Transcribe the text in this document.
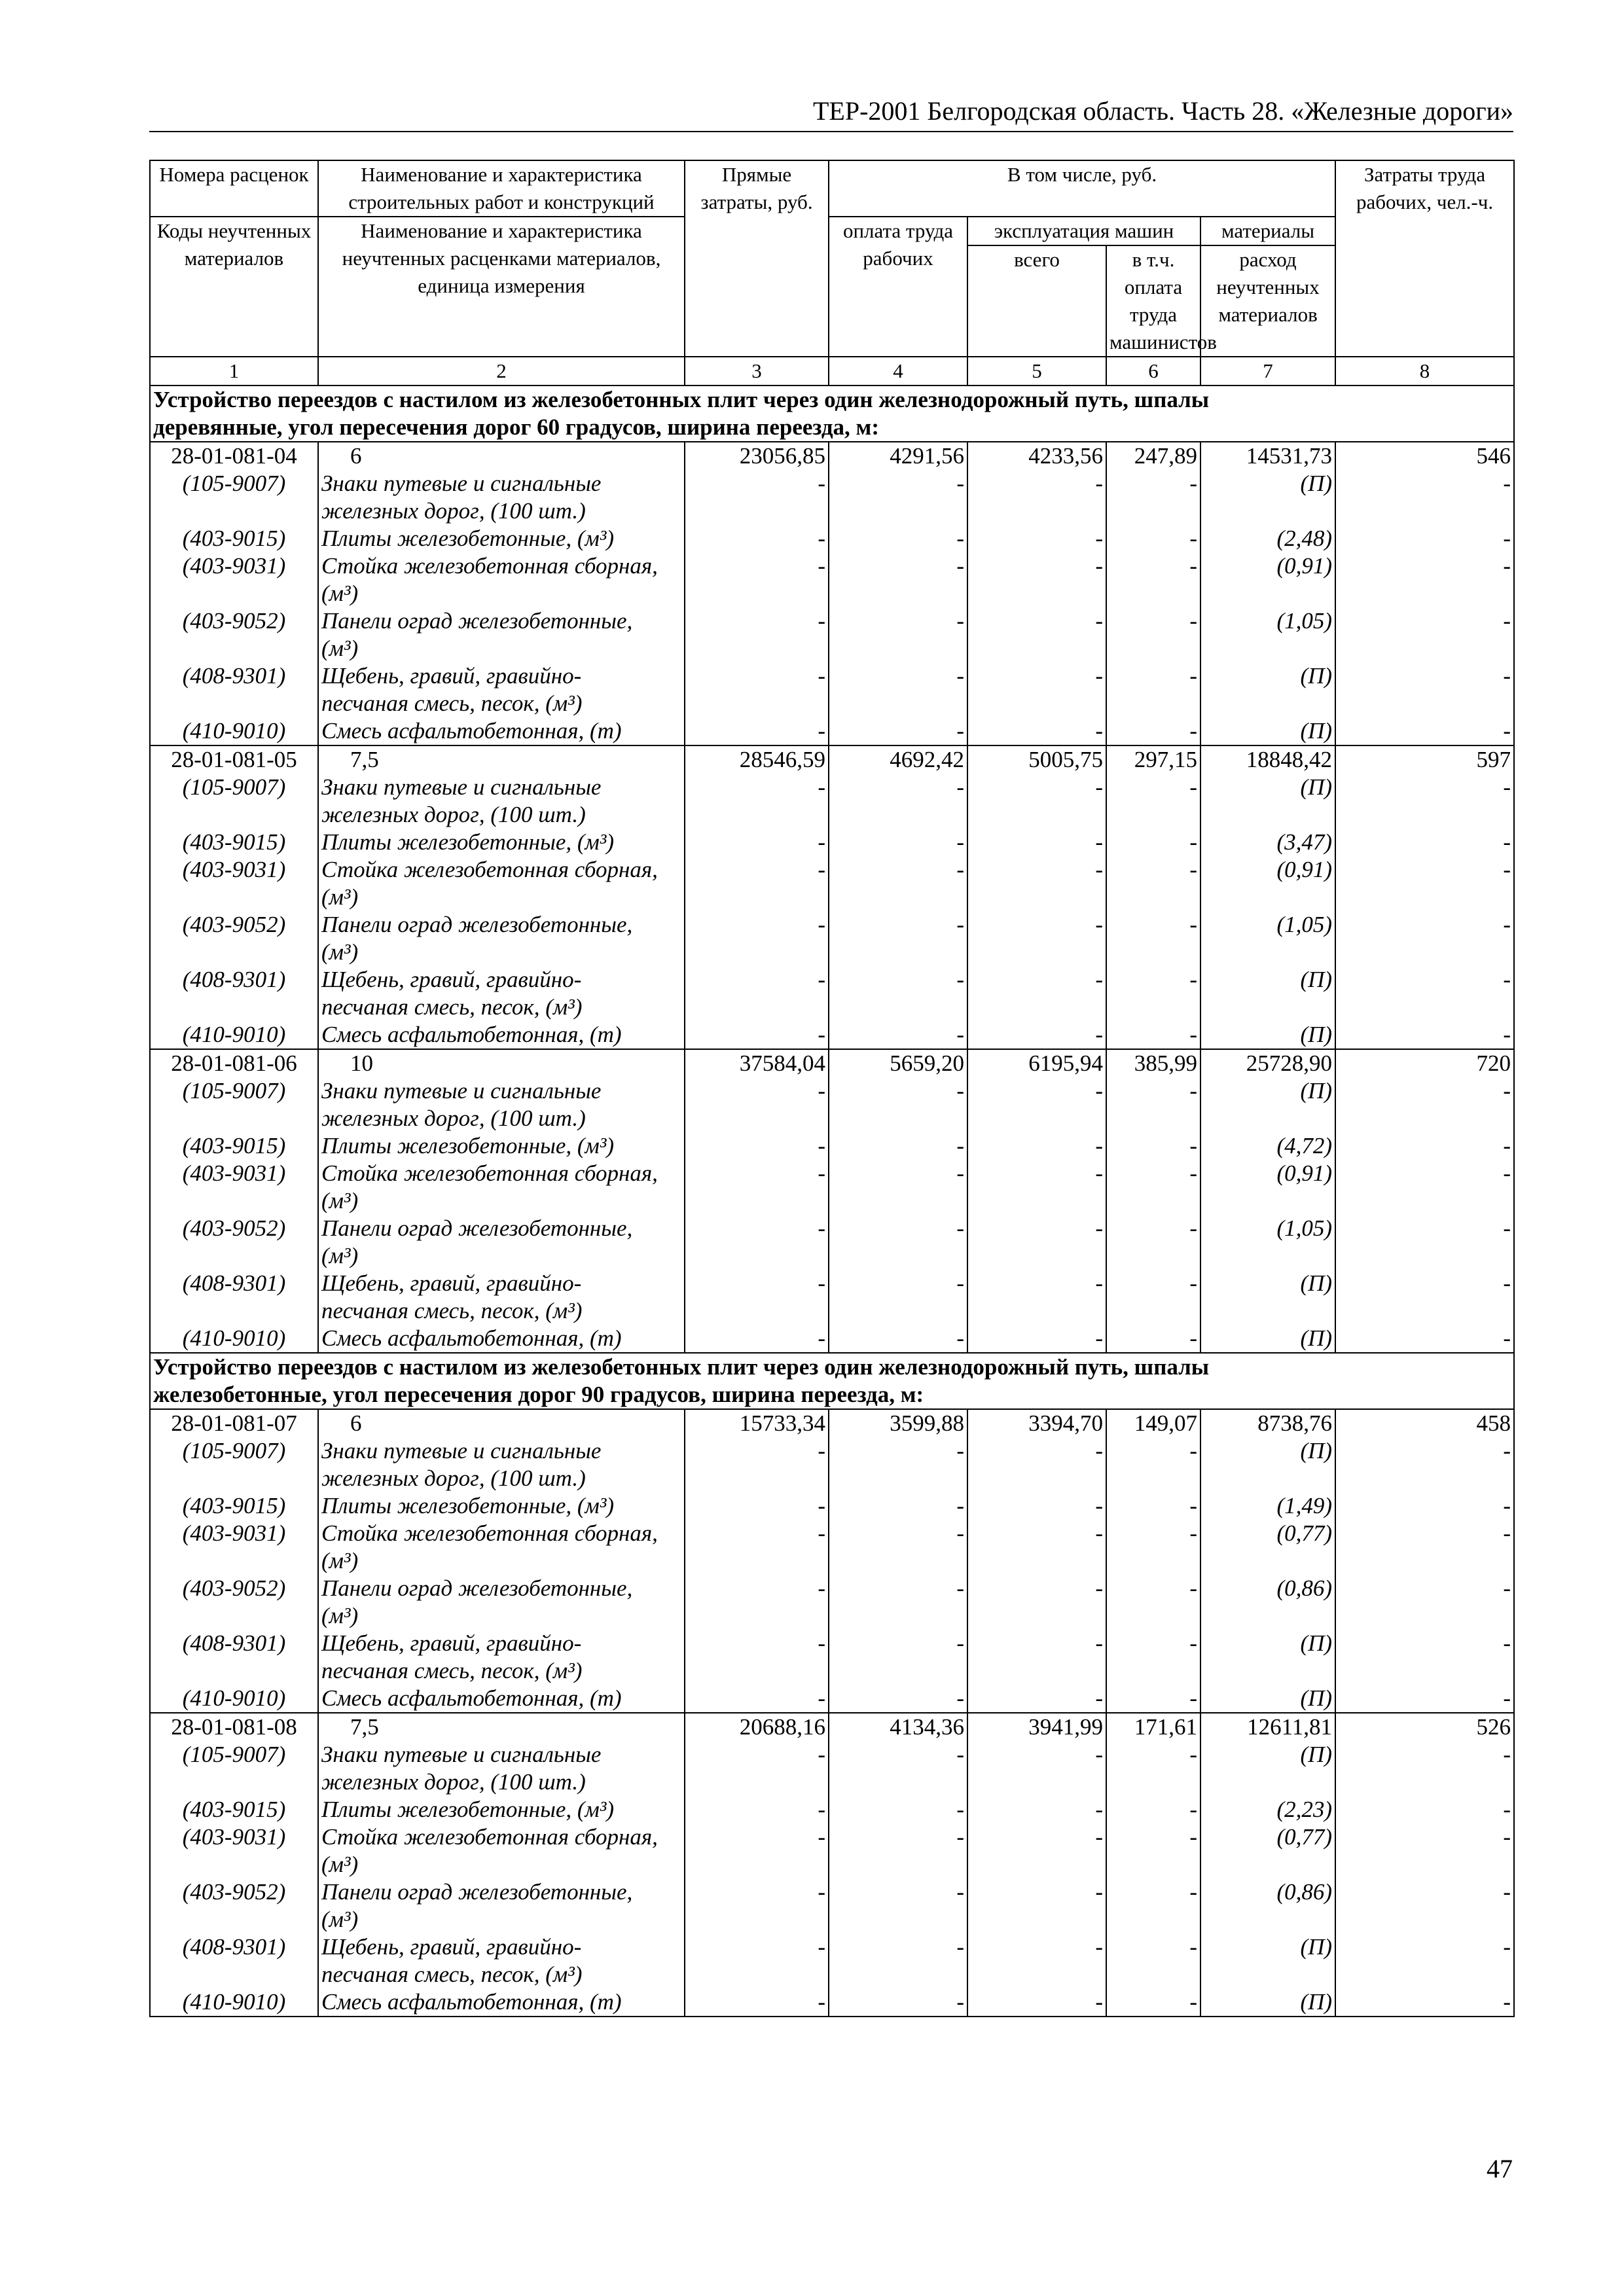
ТЕР-2001 Белгородская область. Часть 28. «Железные дороги»
Номера расценок	Наименование и характеристика строительных работ и конструкций	Прямые затраты, руб.	В том числе, руб.				Затраты труда рабочих, чел.-ч.
Коды неучтенных материалов	Наименование и характеристика неучтенных расценками материалов, единица измерения		оплата труда рабочих	эксплуатация машин		материалы	
				всего	в т.ч. оплата труда машинистов	расход неучтенных материалов	
1	2	3	4	5	6	7	8

Устройство переездов с настилом из железобетонных плит через один железнодорожный путь, шпалы
деревянные, угол пересечения дорог 60 градусов, ширина переезда, м:							

28-01-081-04	6	23056,85	4291,56	4233,56	247,89	14531,73	546
(105-9007)	Знаки путевые и сигнальные
железных дорог, (100 шт.)	-	-	-	-	(П)	-
(403-9015)	Плиты железобетонные, (м³)	-	-	-	-	(2,48)	-
(403-9031)	Стойка железобетонная сборная,
(м³)	-	-	-	-	(0,91)	-
(403-9052)	Панели оград железобетонные,
(м³)	-	-	-	-	(1,05)	-
(408-9301)	Щебень, гравий, гравийно-
песчаная смесь, песок, (м³)	-	-	-	-	(П)	-
(410-9010)	Смесь асфальтобетонная, (т)	-	-	-	-	(П)	-
28-01-081-05	7,5	28546,59	4692,42	5005,75	297,15	18848,42	597
(105-9007)	Знаки путевые и сигнальные
железных дорог, (100 шт.)	-	-	-	-	(П)	-
(403-9015)	Плиты железобетонные, (м³)	-	-	-	-	(3,47)	-
(403-9031)	Стойка железобетонная сборная,
(м³)	-	-	-	-	(0,91)	-
(403-9052)	Панели оград железобетонные,
(м³)	-	-	-	-	(1,05)	-
(408-9301)	Щебень, гравий, гравийно-
песчаная смесь, песок, (м³)	-	-	-	-	(П)	-
(410-9010)	Смесь асфальтобетонная, (т)	-	-	-	-	(П)	-
28-01-081-06	10	37584,04	5659,20	6195,94	385,99	25728,90	720
(105-9007)	Знаки путевые и сигнальные
железных дорог, (100 шт.)	-	-	-	-	(П)	-
(403-9015)	Плиты железобетонные, (м³)	-	-	-	-	(4,72)	-
(403-9031)	Стойка железобетонная сборная,
(м³)	-	-	-	-	(0,91)	-
(403-9052)	Панели оград железобетонные,
(м³)	-	-	-	-	(1,05)	-
(408-9301)	Щебень, гравий, гравийно-
песчаная смесь, песок, (м³)	-	-	-	-	(П)	-
(410-9010)	Смесь асфальтобетонная, (т)	-	-	-	-	(П)	-

Устройство переездов с настилом из железобетонных плит через один железнодорожный путь, шпалы
железобетонные, угол пересечения дорог 90 градусов, ширина переезда, м:							

28-01-081-07	6	15733,34	3599,88	3394,70	149,07	8738,76	458
(105-9007)	Знаки путевые и сигнальные
железных дорог, (100 шт.)	-	-	-	-	(П)	-
(403-9015)	Плиты железобетонные, (м³)	-	-	-	-	(1,49)	-
(403-9031)	Стойка железобетонная сборная,
(м³)	-	-	-	-	(0,77)	-
(403-9052)	Панели оград железобетонные,
(м³)	-	-	-	-	(0,86)	-
(408-9301)	Щебень, гравий, гравийно-
песчаная смесь, песок, (м³)	-	-	-	-	(П)	-
(410-9010)	Смесь асфальтобетонная, (т)	-	-	-	-	(П)	-
28-01-081-08	7,5	20688,16	4134,36	3941,99	171,61	12611,81	526
(105-9007)	Знаки путевые и сигнальные
железных дорог, (100 шт.)	-	-	-	-	(П)	-
(403-9015)	Плиты железобетонные, (м³)	-	-	-	-	(2,23)	-
(403-9031)	Стойка железобетонная сборная,
(м³)	-	-	-	-	(0,77)	-
(403-9052)	Панели оград железобетонные,
(м³)	-	-	-	-	(0,86)	-
(408-9301)	Щебень, гравий, гравийно-
песчаная смесь, песок, (м³)	-	-	-	-	(П)	-
(410-9010)	Смесь асфальтобетонная, (т)	-	-	-	-	(П)	-
47
